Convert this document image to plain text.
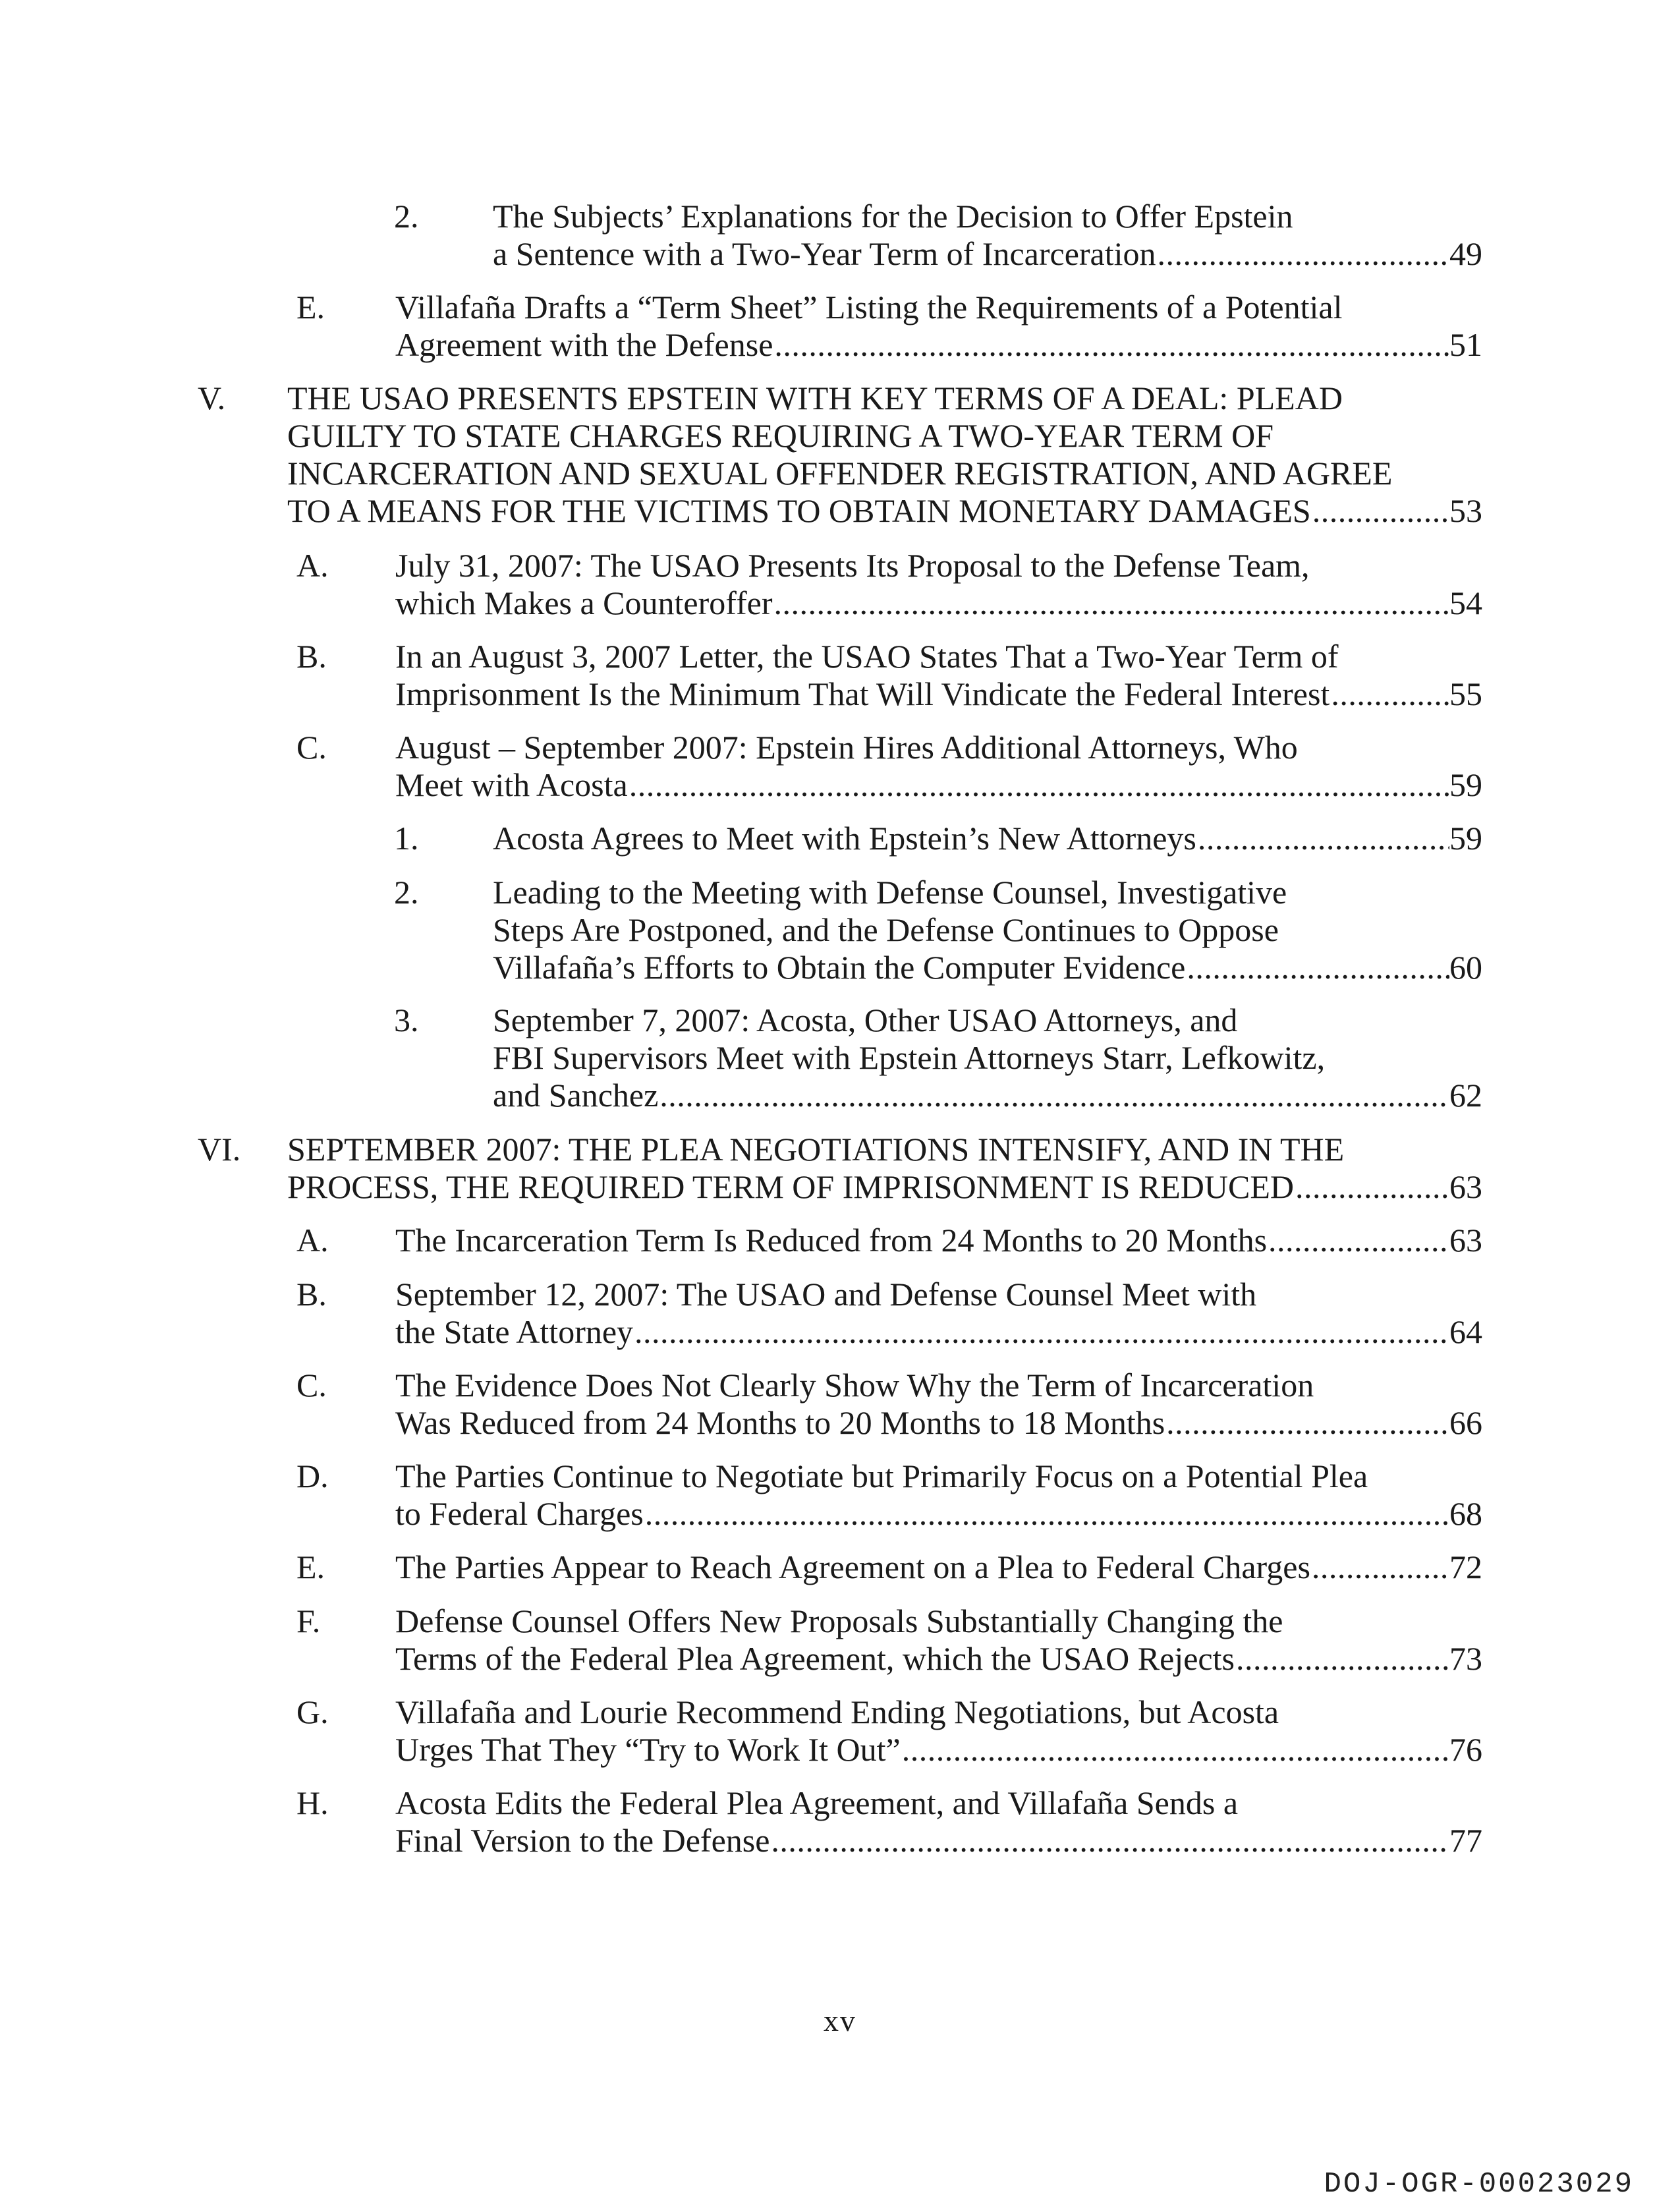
2. The Subjects’ Explanations for the Decision to Offer Epstein
a Sentence with a Two-Year Term of Incarceration . . .	49
E. Villafaña Drafts a “Term Sheet” Listing the Requirements of a Potential
Agreement with the Defense . . .	51
V. THE USAO PRESENTS EPSTEIN WITH KEY TERMS OF A DEAL: PLEAD
GUILTY TO STATE CHARGES REQUIRING A TWO-YEAR TERM OF
INCARCERATION AND SEXUAL OFFENDER REGISTRATION, AND AGREE
TO A MEANS FOR THE VICTIMS TO OBTAIN MONETARY DAMAGES . . .	53
A. July 31, 2007: The USAO Presents Its Proposal to the Defense Team,
which Makes a Counteroffer . . .	54
B. In an August 3, 2007 Letter, the USAO States That a Two-Year Term of
Imprisonment Is the Minimum That Will Vindicate the Federal Interest . . .	55
C. August – September 2007: Epstein Hires Additional Attorneys, Who
Meet with Acosta . . .	59
1. Acosta Agrees to Meet with Epstein’s New Attorneys . . .	59
2. Leading to the Meeting with Defense Counsel, Investigative
Steps Are Postponed, and the Defense Continues to Oppose
Villafaña’s Efforts to Obtain the Computer Evidence . . .	60
3. September 7, 2007: Acosta, Other USAO Attorneys, and
FBI Supervisors Meet with Epstein Attorneys Starr, Lefkowitz,
and Sanchez . . .	62
VI. SEPTEMBER 2007: THE PLEA NEGOTIATIONS INTENSIFY, AND IN THE
PROCESS, THE REQUIRED TERM OF IMPRISONMENT IS REDUCED . . .	63
A. The Incarceration Term Is Reduced from 24 Months to 20 Months . . .	63
B. September 12, 2007: The USAO and Defense Counsel Meet with
the State Attorney . . .	64
C. The Evidence Does Not Clearly Show Why the Term of Incarceration
Was Reduced from 24 Months to 20 Months to 18 Months . . .	66
D. The Parties Continue to Negotiate but Primarily Focus on a Potential Plea
to Federal Charges . . .	68
E. The Parties Appear to Reach Agreement on a Plea to Federal Charges . . .	72
F. Defense Counsel Offers New Proposals Substantially Changing the
Terms of the Federal Plea Agreement, which the USAO Rejects . . .	73
G. Villafaña and Lourie Recommend Ending Negotiations, but Acosta
Urges That They “Try to Work It Out” . . .	76
H. Acosta Edits the Federal Plea Agreement, and Villafaña Sends a
Final Version to the Defense . . .	77
xv
DOJ-OGR-00023029
